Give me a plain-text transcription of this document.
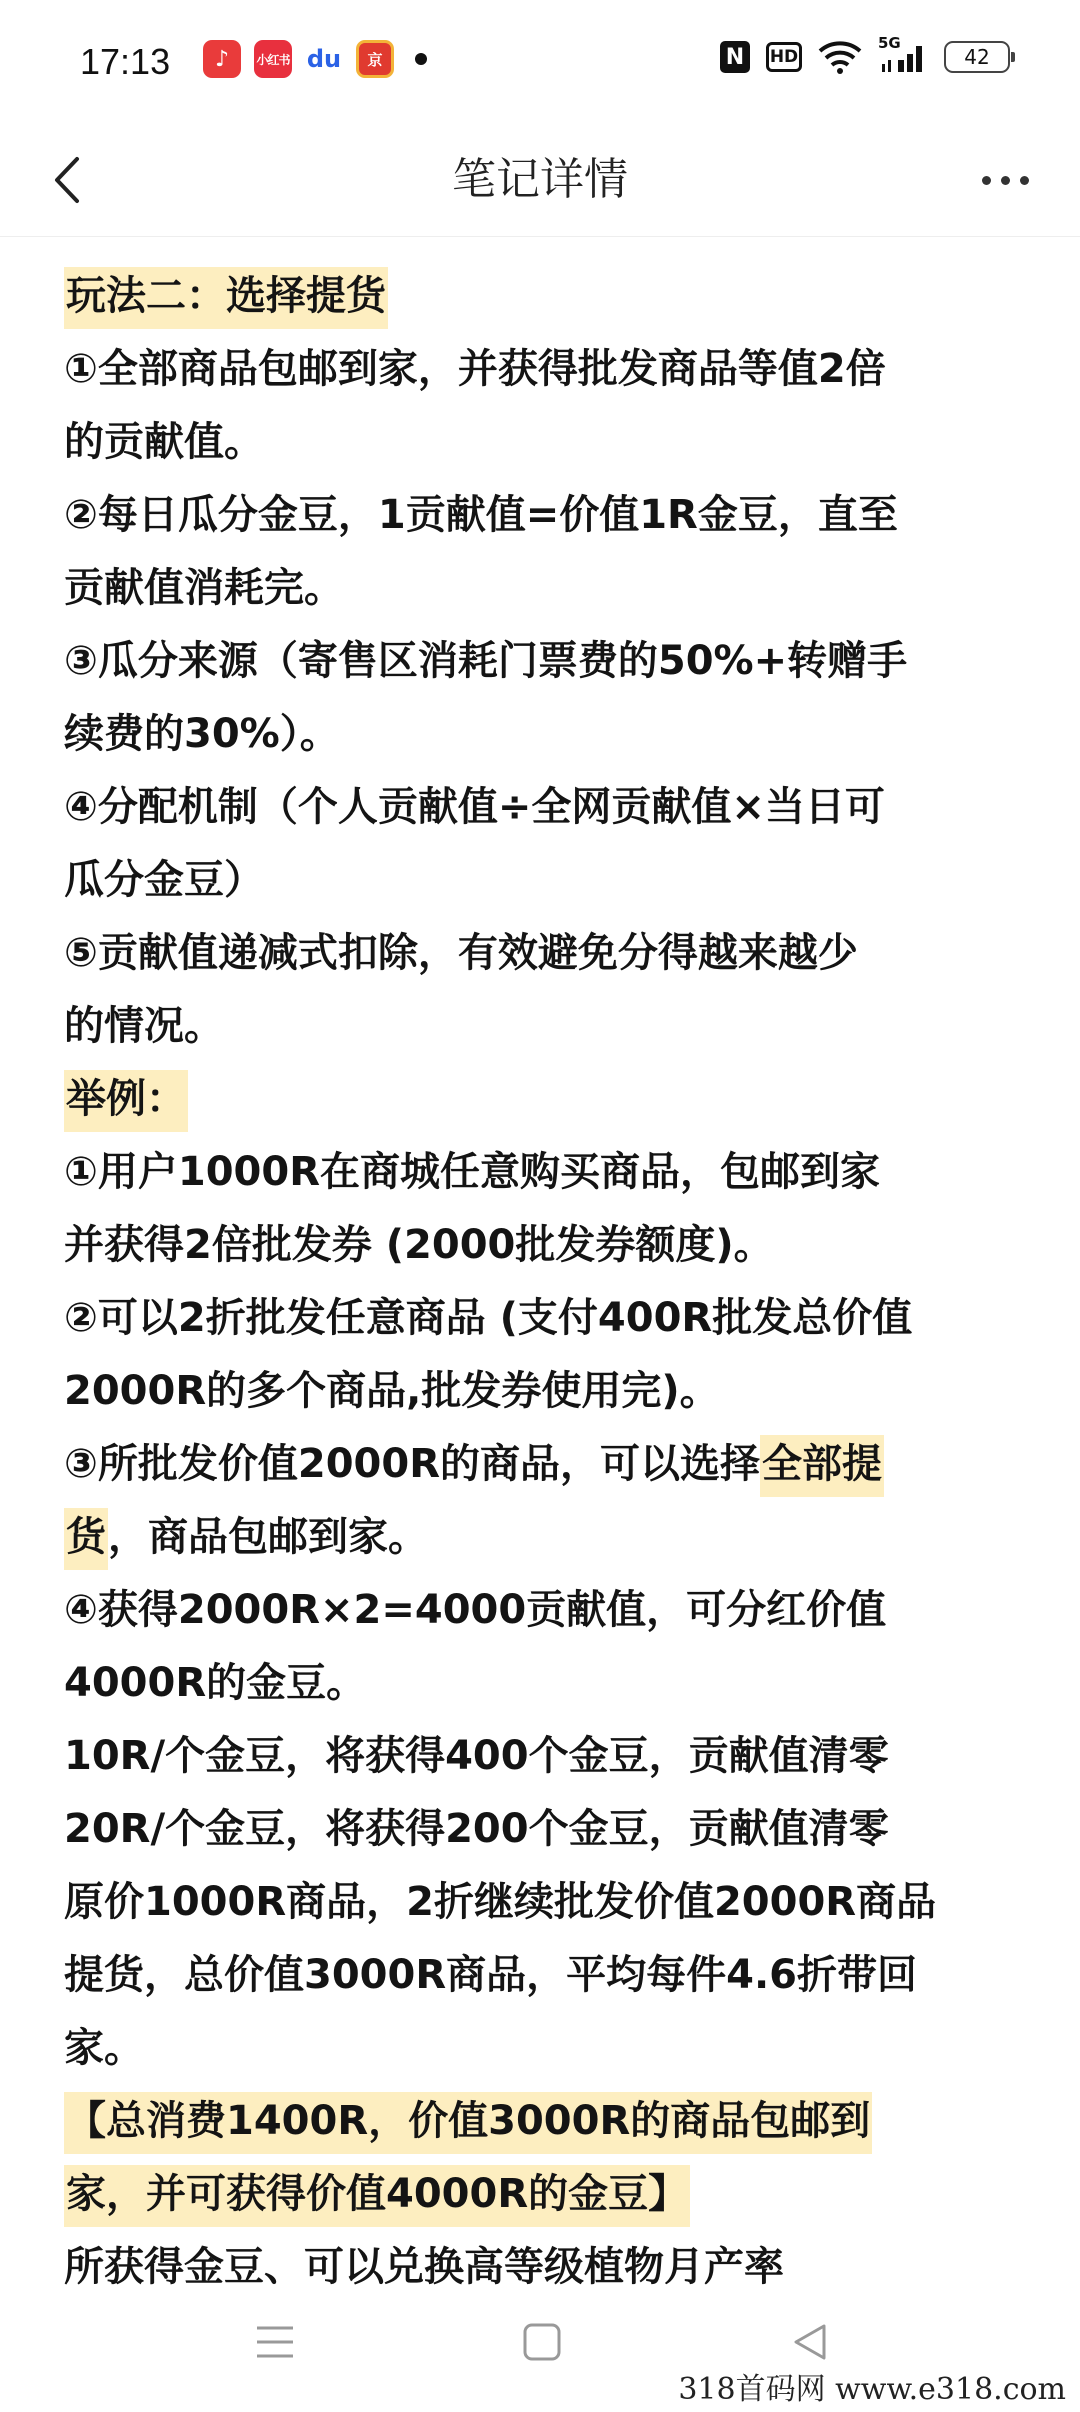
17:13	♪	小红书 du	京	N	HD
5G
42
笔记详情
玩法二：选择提货
①全部商品包邮到家，并获得批发商品等值2倍
的贡献值。
②每日瓜分金豆，1贡献值=价值1R金豆，直至
贡献值消耗完。
③瓜分来源（寄售区消耗门票费的50%+转赠手
续费的30%）。
④分配机制（个人贡献值÷全网贡献值×当日可
瓜分金豆）
⑤贡献值递减式扣除，有效避免分得越来越少
的情况。
举例：
①用户1000R在商城任意购买商品，包邮到家
并获得2倍批发券 (2000批发券额度)。
②可以2折批发任意商品 (支付400R批发总价值
2000R的多个商品,批发券使用完)。
③所批发价值2000R的商品，可以选择全部提
货，商品包邮到家。
④获得2000R×2=4000贡献值，可分红价值
4000R的金豆。
10R/个金豆，将获得400个金豆，贡献值清零
20R/个金豆，将获得200个金豆，贡献值清零
原价1000R商品，2折继续批发价值2000R商品
提货，总价值3000R商品，平均每件4.6折带回
家。
【总消费1400R，价值3000R的商品包邮到
家，并可获得价值4000R的金豆】
所获得金豆、可以兑换高等级植物月产率
318首码网 www.e318.com
